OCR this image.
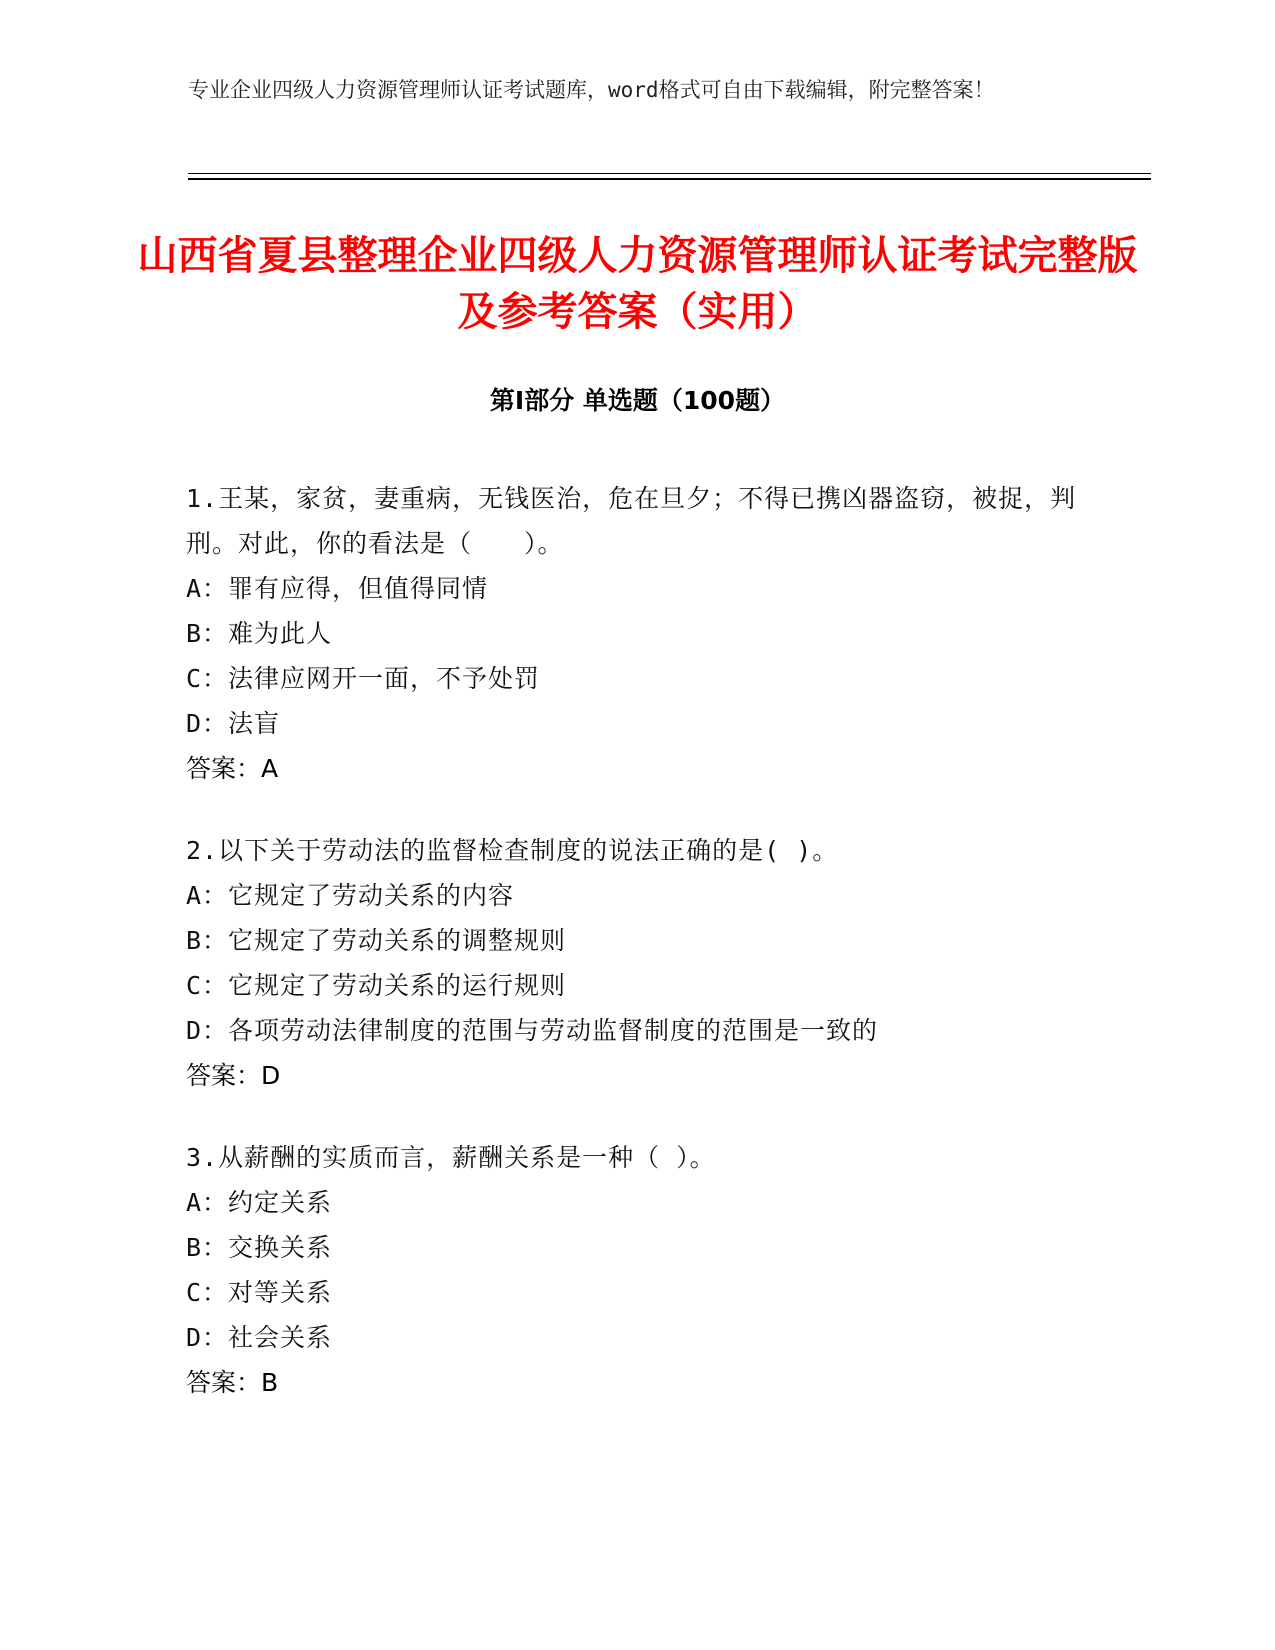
专业企业四级人力资源管理师认证考试题库，word格式可自由下载编辑，附完整答案！
山西省夏县整理企业四级人力资源管理师认证考试完整版及参考答案（实用）
第Ⅰ部分 单选题（100题）

1.王某，家贫，妻重病，无钱医治，危在旦夕；不得已携凶器盗窃，被捉，判刑。对此，你的看法是（　　）。

A：罪有应得，但值得同情

B：难为此人

C：法律应网开一面，不予处罚

D：法盲

答案：A

2.以下关于劳动法的监督检查制度的说法正确的是( )。

A：它规定了劳动关系的内容

B：它规定了劳动关系的调整规则

C：它规定了劳动关系的运行规则

D：各项劳动法律制度的范围与劳动监督制度的范围是一致的

答案：D

3.从薪酬的实质而言，薪酬关系是一种（ ）。

A：约定关系

B：交换关系

C：对等关系

D：社会关系

答案：B
